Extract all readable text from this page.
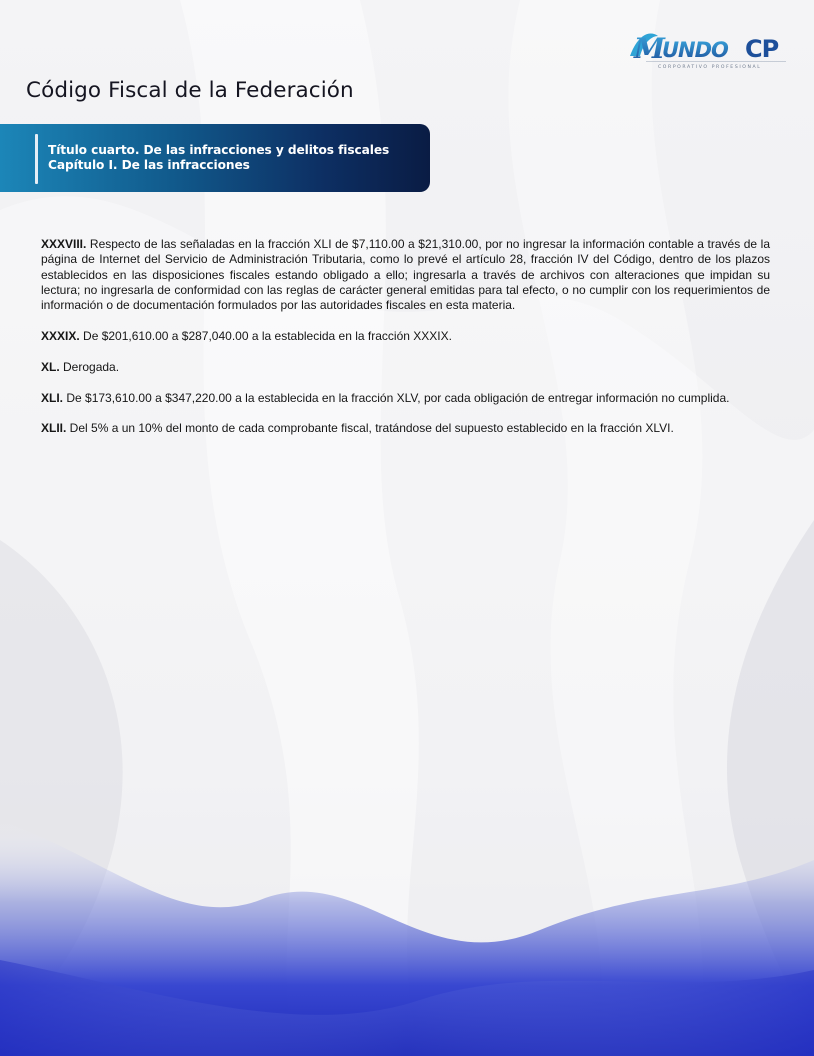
M
UNDO CP
CORPORATIVO PROFESIONAL
Código Fiscal de la Federación

Título cuarto. De las infracciones y delitos fiscales

Capítulo I. De las infracciones

XXXVIII. Respecto de las señaladas en la fracción XLI de $7,110.00 a $21,310.00, por no ingresar la información contable a través de la página de Internet del Servicio de Administración Tributaria, como lo prevé el artículo 28, fracción IV del Código, dentro de los plazos establecidos en las disposiciones fiscales estando obligado a ello; ingresarla a través de archivos con alteraciones que impidan su lectura; no ingresarla de conformidad con las reglas de carácter general emitidas para tal efecto, o no cumplir con los requerimientos de información o de documentación formulados por las autoridades fiscales en esta materia.

XXXIX. De $201,610.00 a $287,040.00 a la establecida en la fracción XXXIX.

XL. Derogada.

XLI. De $173,610.00 a $347,220.00 a la establecida en la fracción XLV, por cada obligación de entregar información no cumplida.

XLII. Del 5% a un 10% del monto de cada comprobante fiscal, tratándose del supuesto establecido en la fracción XLVI.
